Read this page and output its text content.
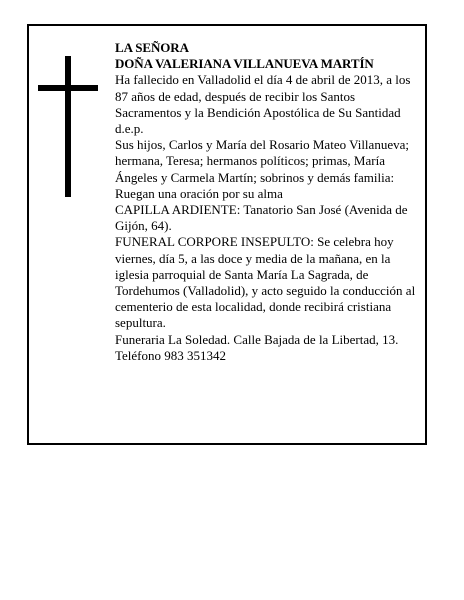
LA SEÑORA

DOÑA VALERIANA VILLANUEVA MARTÍN

Ha fallecido en Valladolid el día 4 de abril de 2013, a los 87 años de edad, después de recibir los Santos Sacramentos y la Bendición Apostólica de Su Santidad d.e.p.

Sus hijos, Carlos y María del Rosario Mateo Villanueva; hermana, Teresa; hermanos políticos; primas, María Ángeles y Carmela Martín; sobrinos y demás familia:

Ruegan una oración por su alma

CAPILLA ARDIENTE: Tanatorio San José (Avenida de Gijón, 64).

FUNERAL CORPORE INSEPULTO: Se celebra hoy viernes, día 5, a las doce y media de la mañana, en la iglesia parroquial de Santa María La Sagrada, de Tordehumos (Valladolid), y acto seguido la conducción al cementerio de esta localidad, donde recibirá cristiana sepultura.

Funeraria La Soledad. Calle Bajada de la Libertad, 13. Teléfono 983 351342
